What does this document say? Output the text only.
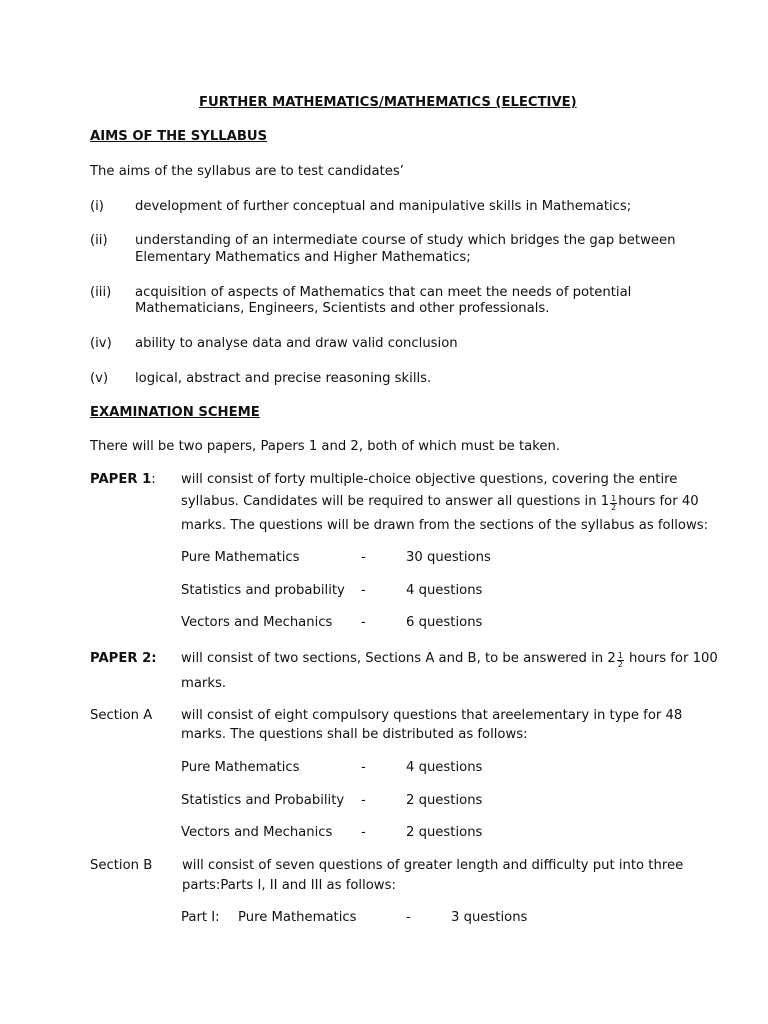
FURTHER MATHEMATICS/MATHEMATICS (ELECTIVE)
AIMS OF THE SYLLABUS
The aims of the syllabus are to test candidates’
(i) development of further conceptual and manipulative skills in Mathematics;
(ii) understanding of an intermediate course of study which bridges the gap between
Elementary Mathematics and Higher Mathematics;
(iii) acquisition of aspects of Mathematics that can meet the needs of potential
Mathematicians, Engineers, Scientists and other professionals.
(iv) ability to analyse data and draw valid conclusion
(v) logical, abstract and precise reasoning skills.
EXAMINATION SCHEME
There will be two papers, Papers 1 and 2, both of which must be taken.
PAPER 1: will consist of forty multiple-choice objective questions, covering the entire
syllabus. Candidates will be required to answer all questions in $1 \frac{1}{2}$ hours for 40
marks. The questions will be drawn from the sections of the syllabus as follows:
Pure Mathematics	-	30 questions
Statistics and probability -	4 questions
Vectors and Mechanics -	6 questions
PAPER 2: will consist of two sections, Sections A and B, to be answered in $2 \frac{1}{2}$ hours for 100
marks.
Section A will consist of eight compulsory questions that areelementary in type for 48
marks. The questions shall be distributed as follows:
Pure Mathematics	-	4 questions
Statistics and Probability -	2 questions
Vectors and Mechanics -	2 questions
Section B will consist of seven questions of greater length and difficulty put into three
parts:Parts I, II and III as follows:
Part I: Pure Mathematics	-	3 questions
